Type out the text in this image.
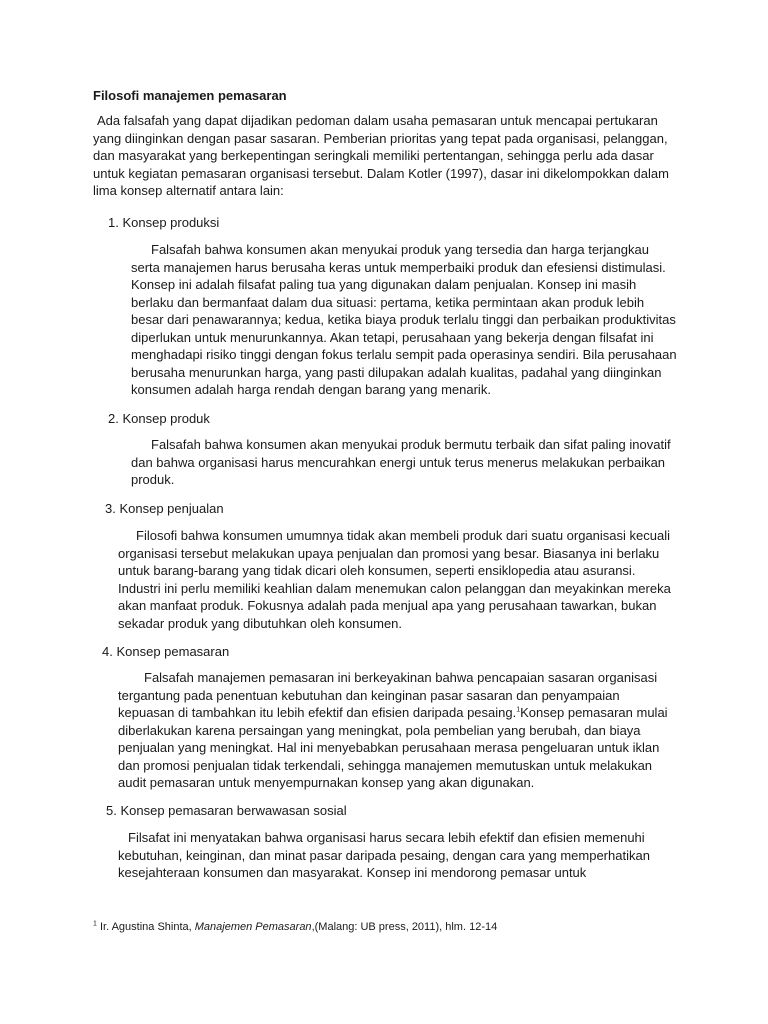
Filosofi manajemen pemasaran
Ada falsafah yang dapat dijadikan pedoman dalam usaha pemasaran untuk mencapai pertukaran yang diinginkan dengan pasar sasaran. Pemberian prioritas yang tepat pada organisasi, pelanggan, dan masyarakat yang berkepentingan seringkali memiliki pertentangan, sehingga perlu ada dasar untuk kegiatan pemasaran organisasi tersebut. Dalam Kotler (1997), dasar ini dikelompokkan dalam lima konsep alternatif antara lain:
1. Konsep produksi
Falsafah bahwa konsumen akan menyukai produk yang tersedia dan harga terjangkau serta manajemen harus berusaha keras untuk memperbaiki produk dan efesiensi distimulasi. Konsep ini adalah filsafat paling tua yang digunakan dalam penjualan. Konsep ini masih berlaku dan bermanfaat dalam dua situasi: pertama, ketika permintaan akan produk lebih besar dari penawarannya; kedua, ketika biaya produk terlalu tinggi dan perbaikan produktivitas diperlukan untuk menurunkannya. Akan tetapi, perusahaan yang bekerja dengan filsafat ini menghadapi risiko tinggi dengan fokus terlalu sempit pada operasinya sendiri. Bila perusahaan berusaha menurunkan harga, yang pasti dilupakan adalah kualitas, padahal yang diinginkan konsumen adalah harga rendah dengan barang yang menarik.
2. Konsep produk
Falsafah bahwa konsumen akan menyukai produk bermutu terbaik dan sifat paling inovatif dan bahwa organisasi harus mencurahkan energi untuk terus menerus melakukan perbaikan produk.
3. Konsep penjualan
Filosofi bahwa konsumen umumnya tidak akan membeli produk dari suatu organisasi kecuali organisasi tersebut melakukan upaya penjualan dan promosi yang besar. Biasanya ini berlaku untuk barang-barang yang tidak dicari oleh konsumen, seperti ensiklopedia atau asuransi. Industri ini perlu memiliki keahlian dalam menemukan calon pelanggan dan meyakinkan mereka akan manfaat produk. Fokusnya adalah pada menjual apa yang perusahaan tawarkan, bukan sekadar produk yang dibutuhkan oleh konsumen.
4. Konsep pemasaran
Falsafah manajemen pemasaran ini berkeyakinan bahwa pencapaian sasaran organisasi tergantung pada penentuan kebutuhan dan keinginan pasar sasaran dan penyampaian kepuasan di tambahkan itu lebih efektif dan efisien daripada pesaing.$^1$Konsep pemasaran mulai diberlakukan karena persaingan yang meningkat, pola pembelian yang berubah, dan biaya penjualan yang meningkat. Hal ini menyebabkan perusahaan merasa pengeluaran untuk iklan dan promosi penjualan tidak terkendali, sehingga manajemen memutuskan untuk melakukan audit pemasaran untuk menyempurnakan konsep yang akan digunakan.
5. Konsep pemasaran berwawasan sosial
Filsafat ini menyatakan bahwa organisasi harus secara lebih efektif dan efisien memenuhi kebutuhan, keinginan, dan minat pasar daripada pesaing, dengan cara yang memperhatikan kesejahteraan konsumen dan masyarakat. Konsep ini mendorong pemasar untuk
$^1$ Ir. Agustina Shinta, Manajemen Pemasaran,(Malang: UB press, 2011), hlm. 12-14
